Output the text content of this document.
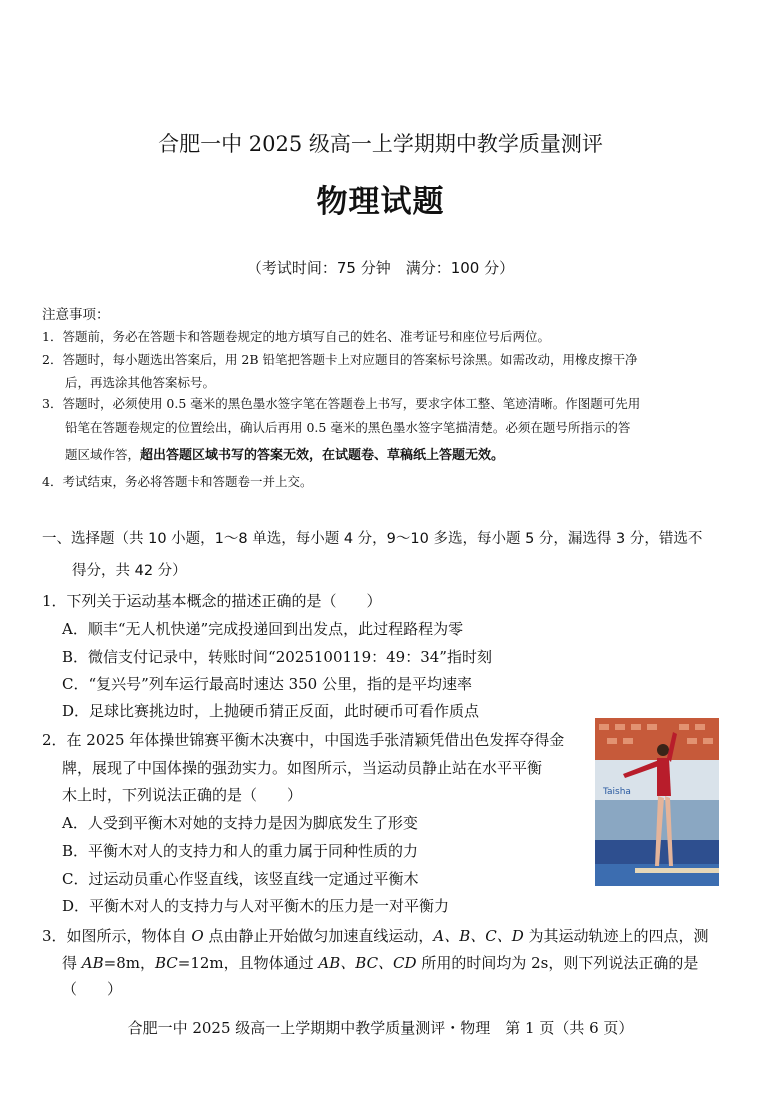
合肥一中 2025 级高一上学期期中教学质量测评
物理试题
（考试时间：75 分钟　满分：100 分）
注意事项：
1．答题前，务必在答题卡和答题卷规定的地方填写自己的姓名、准考证号和座位号后两位。
2．答题时，每小题选出答案后，用 2B 铅笔把答题卡上对应题目的答案标号涂黑。如需改动，用橡皮擦干净
后，再选涂其他答案标号。
3．答题时，必须使用 0.5 毫米的黑色墨水签字笔在答题卷上书写，要求字体工整、笔迹清晰。作图题可先用
铅笔在答题卷规定的位置绘出，确认后再用 0.5 毫米的黑色墨水签字笔描清楚。必须在题号所指示的答
题区域作答，超出答题区域书写的答案无效，在试题卷、草稿纸上答题无效。
4．考试结束，务必将答题卡和答题卷一并上交。
一、选择题（共 10 小题，1～8 单选，每小题 4 分，9～10 多选，每小题 5 分，漏选得 3 分，错选不
得分，共 42 分）
1．下列关于运动基本概念的描述正确的是（　　）
A．顺丰“无人机快递”完成投递回到出发点，此过程路程为零
B．微信支付记录中，转账时间“2025100119：49：34”指时刻
C．“复兴号”列车运行最高时速达 350 公里，指的是平均速率
D．足球比赛挑边时，上抛硬币猜正反面，此时硬币可看作质点
2．在 2025 年体操世锦赛平衡木决赛中，中国选手张清颖凭借出色发挥夺得金
牌，展现了中国体操的强劲实力。如图所示，当运动员静止站在水平平衡
木上时，下列说法正确的是（　　）
A．人受到平衡木对她的支持力是因为脚底发生了形变
B．平衡木对人的支持力和人的重力属于同种性质的力
C．过运动员重心作竖直线，该竖直线一定通过平衡木
D．平衡木对人的支持力与人对平衡木的压力是一对平衡力
Taisha
3．如图所示，物体自 O 点由静止开始做匀加速直线运动，A、B、C、D 为其运动轨迹上的四点，测
得 AB=8m，BC=12m，且物体通过 AB、BC、CD 所用的时间均为 2s，则下列说法正确的是
（　　）
合肥一中 2025 级高一上学期期中教学质量测评・物理　第 1 页（共 6 页）
